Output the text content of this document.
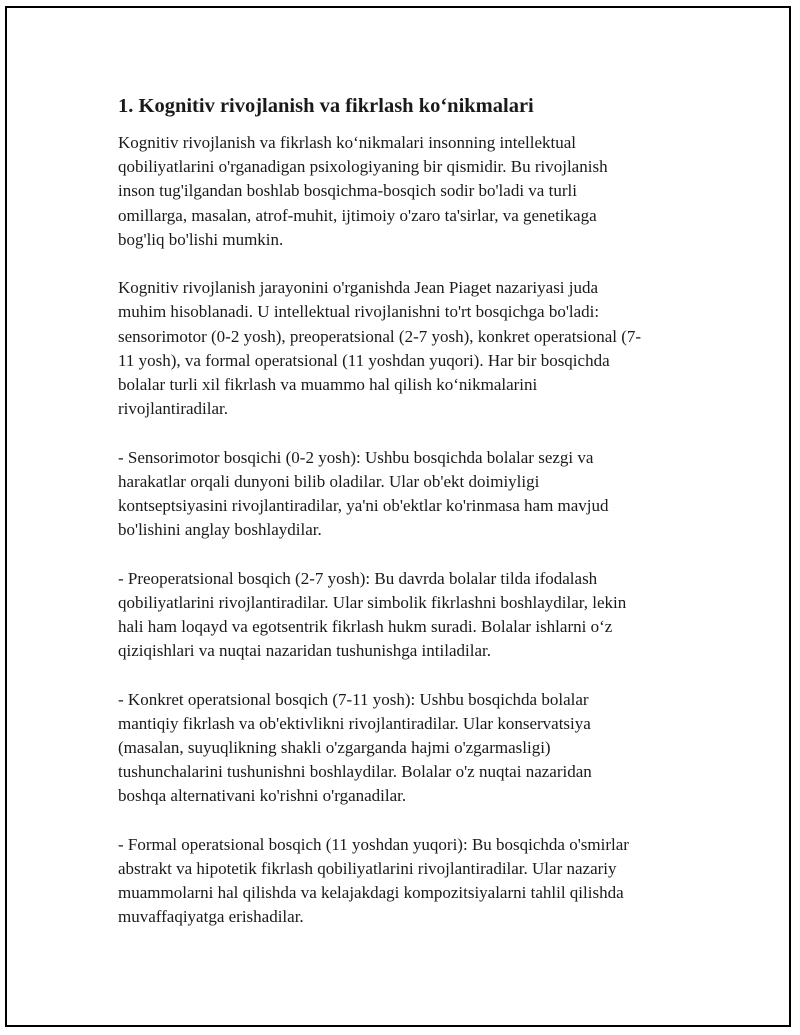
1. Kognitiv rivojlanish va fikrlash ko‘nikmalari

Kognitiv rivojlanish va fikrlash ko‘nikmalari insonning intellektual
qobiliyatlarini o'rganadigan psixologiyaning bir qismidir. Bu rivojlanish
inson tug'ilgandan boshlab bosqichma-bosqich sodir bo'ladi va turli
omillarga, masalan, atrof-muhit, ijtimoiy o'zaro ta'sirlar, va genetikaga
bog'liq bo'lishi mumkin.

Kognitiv rivojlanish jarayonini o'rganishda Jean Piaget nazariyasi juda
muhim hisoblanadi. U intellektual rivojlanishni to'rt bosqichga bo'ladi:
sensorimotor (0-2 yosh), preoperatsional (2-7 yosh), konkret operatsional (7-
11 yosh), va formal operatsional (11 yoshdan yuqori). Har bir bosqichda
bolalar turli xil fikrlash va muammo hal qilish ko‘nikmalarini
rivojlantiradilar.

- Sensorimotor bosqichi (0-2 yosh): Ushbu bosqichda bolalar sezgi va
harakatlar orqali dunyoni bilib oladilar. Ular ob'ekt doimiyligi
kontseptsiyasini rivojlantiradilar, ya'ni ob'ektlar ko'rinmasa ham mavjud
bo'lishini anglay boshlaydilar.

- Preoperatsional bosqich (2-7 yosh): Bu davrda bolalar tilda ifodalash
qobiliyatlarini rivojlantiradilar. Ular simbolik fikrlashni boshlaydilar, lekin
hali ham loqayd va egotsentrik fikrlash hukm suradi. Bolalar ishlarni o‘z
qiziqishlari va nuqtai nazaridan tushunishga intiladilar.

- Konkret operatsional bosqich (7-11 yosh): Ushbu bosqichda bolalar
mantiqiy fikrlash va ob'ektivlikni rivojlantiradilar. Ular konservatsiya
(masalan, suyuqlikning shakli o'zgarganda hajmi o'zgarmasligi)
tushunchalarini tushunishni boshlaydilar. Bolalar o'z nuqtai nazaridan
boshqa alternativani ko'rishni o'rganadilar.

- Formal operatsional bosqich (11 yoshdan yuqori): Bu bosqichda o'smirlar
abstrakt va hipotetik fikrlash qobiliyatlarini rivojlantiradilar. Ular nazariy
muammolarni hal qilishda va kelajakdagi kompozitsiyalarni tahlil qilishda
muvaffaqiyatga erishadilar.
